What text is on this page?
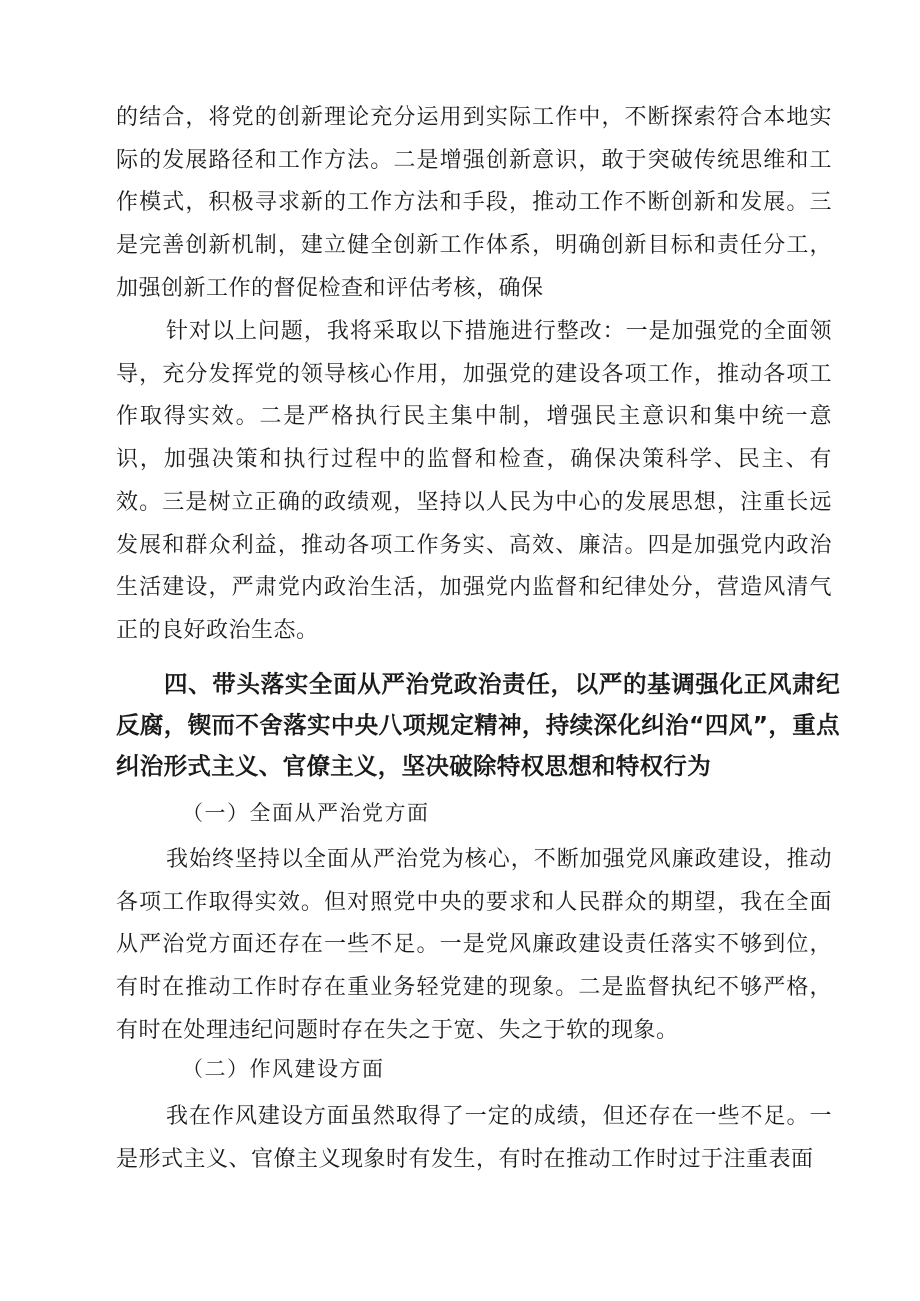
的结合，将党的创新理论充分运用到实际工作中，不断探索符合本地实际的发展路径和工作方法。二是增强创新意识，敢于突破传统思维和工作模式，积极寻求新的工作方法和手段，推动工作不断创新和发展。三是完善创新机制，建立健全创新工作体系，明确创新目标和责任分工，加强创新工作的督促检查和评估考核，确保

针对以上问题，我将采取以下措施进行整改：一是加强党的全面领导，充分发挥党的领导核心作用，加强党的建设各项工作，推动各项工作取得实效。二是严格执行民主集中制，增强民主意识和集中统一意识，加强决策和执行过程中的监督和检查，确保决策科学、民主、有效。三是树立正确的政绩观，坚持以人民为中心的发展思想，注重长远发展和群众利益，推动各项工作务实、高效、廉洁。四是加强党内政治生活建设，严肃党内政治生活，加强党内监督和纪律处分，营造风清气正的良好政治生态。

四、带头落实全面从严治党政治责任，以严的基调强化正风肃纪反腐，锲而不舍落实中央八项规定精神，持续深化纠治“四风”，重点纠治形式主义、官僚主义，坚决破除特权思想和特权行为

（一）全面从严治党方面

我始终坚持以全面从严治党为核心，不断加强党风廉政建设，推动各项工作取得实效。但对照党中央的要求和人民群众的期望，我在全面从严治党方面还存在一些不足。一是党风廉政建设责任落实不够到位，有时在推动工作时存在重业务轻党建的现象。二是监督执纪不够严格，有时在处理违纪问题时存在失之于宽、失之于软的现象。

（二）作风建设方面

我在作风建设方面虽然取得了一定的成绩，但还存在一些不足。一是形式主义、官僚主义现象时有发生，有时在推动工作时过于注重表面
